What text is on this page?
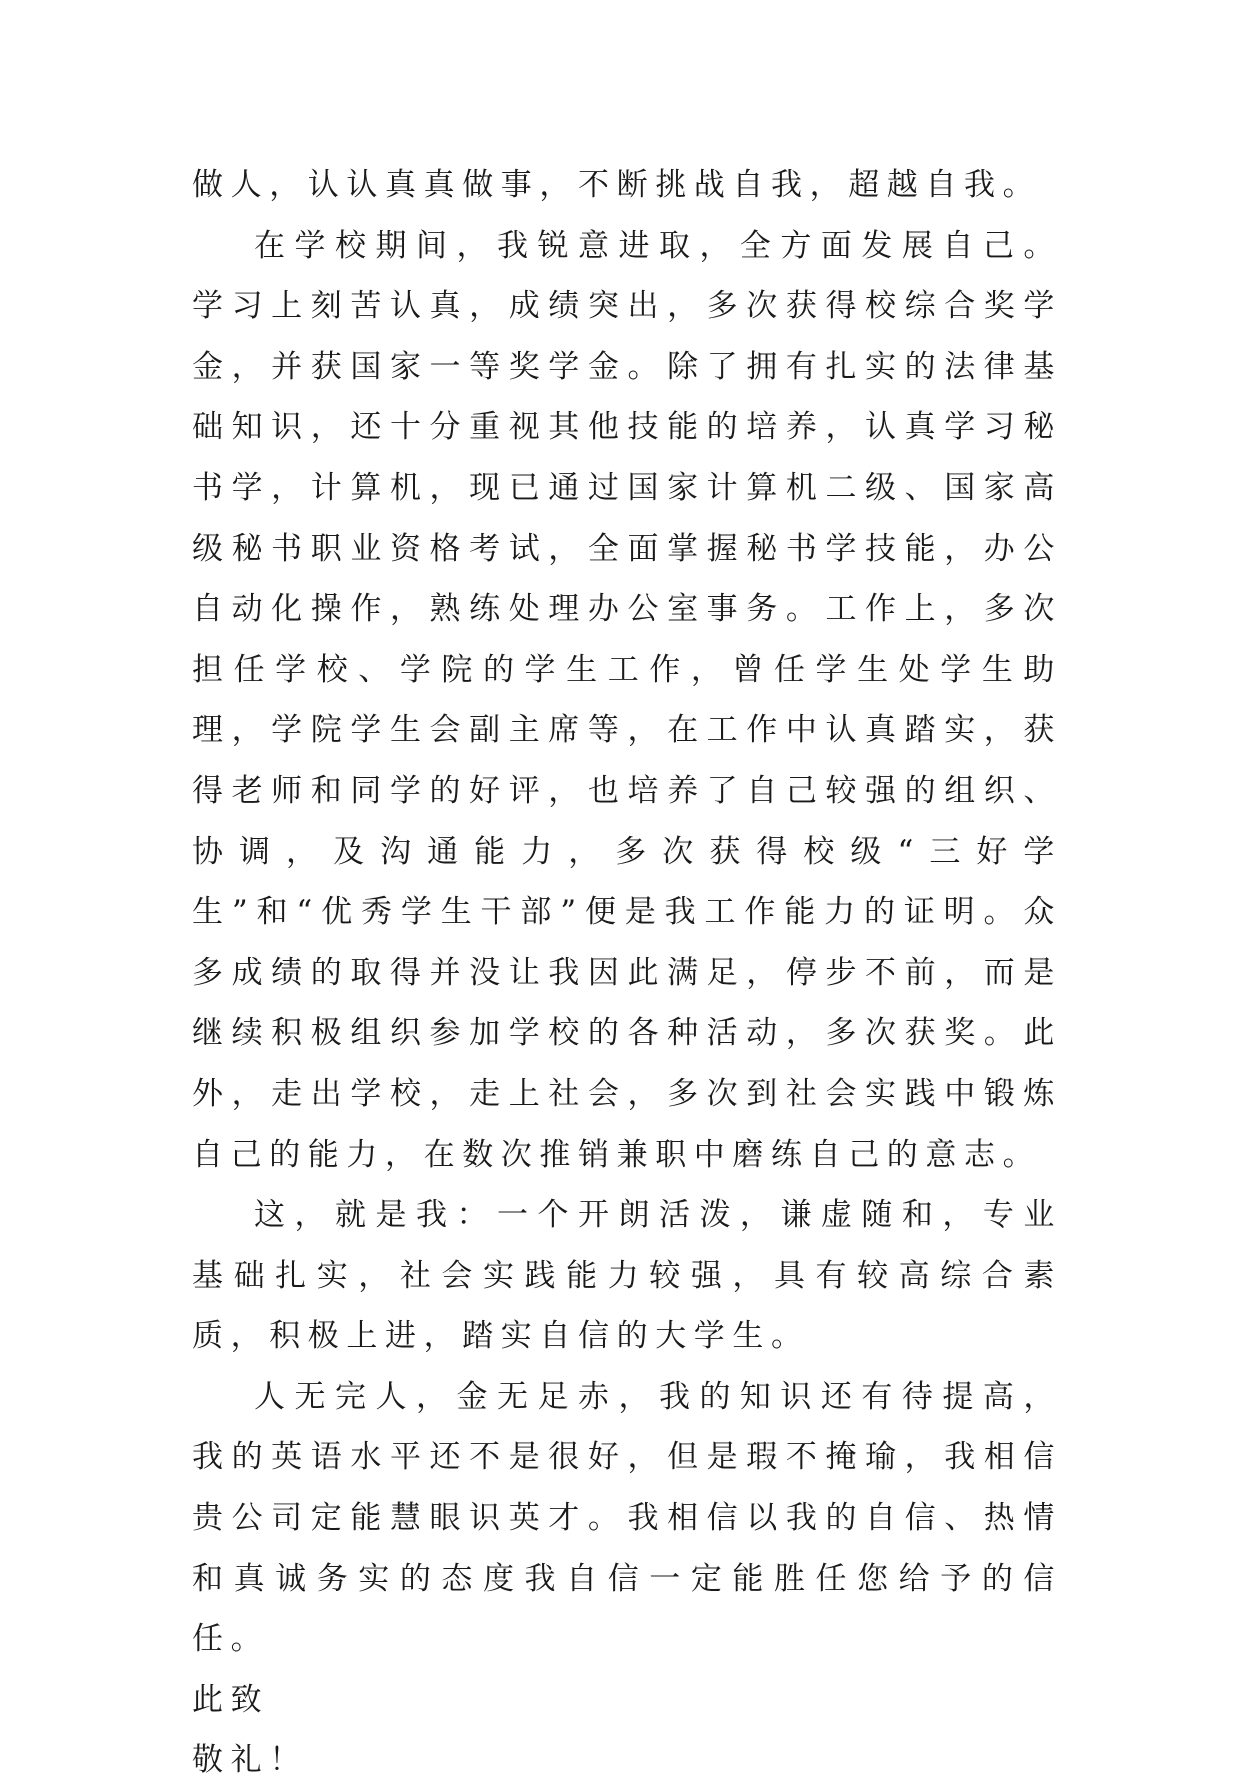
做人，认认真真做事，不断挑战自我，超越自我。

在学校期间，我锐意进取，全方面发展自己。学习上刻苦认真，成绩突出，多次获得校综合奖学金，并获国家一等奖学金。除了拥有扎实的法律基础知识，还十分重视其他技能的培养，认真学习秘书学，计算机，现已通过国家计算机二级、国家高级秘书职业资格考试，全面掌握秘书学技能，办公自动化操作，熟练处理办公室事务。工作上，多次担任学校、学院的学生工作，曾任学生处学生助理，学院学生会副主席等，在工作中认真踏实，获得老师和同学的好评，也培养了自己较强的组织、协调，及沟通能力，多次获得校级“三好学生”和“优秀学生干部”便是我工作能力的证明。众多成绩的取得并没让我因此满足，停步不前，而是继续积极组织参加学校的各种活动，多次获奖。此外，走出学校，走上社会，多次到社会实践中锻炼自己的能力，在数次推销兼职中磨练自己的意志。

这，就是我：一个开朗活泼，谦虚随和，专业基础扎实，社会实践能力较强，具有较高综合素质，积极上进，踏实自信的大学生。

人无完人，金无足赤，我的知识还有待提高，我的英语水平还不是很好，但是瑕不掩瑜，我相信贵公司定能慧眼识英才。我相信以我的自信、热情和真诚务实的态度我自信一定能胜任您给予的信任。

此致

敬礼！
